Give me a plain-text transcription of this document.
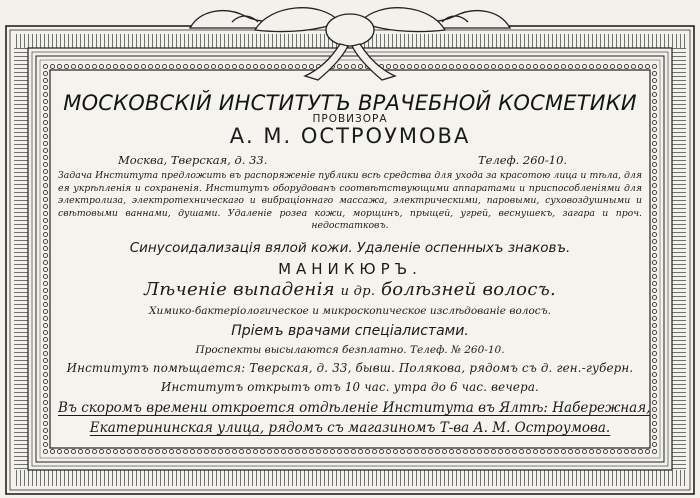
МОСКОВСКІЙ ИНСТИТУТЪ ВРАЧЕБНОЙ КОСМЕТИКИ
ПРОВИЗОРА
А. М. ОСТРОУМОВА
Москва, Тверская, д. 33.	Телеф. 260-10.
Задача Института предложить въ распоряженіе публики всѣ средства для ухода за красотою лица и тѣла, для ея укрѣпленія и сохраненія. Институтъ оборудованъ соотвѣтствующими аппаратами и приспособленіями для электролиза, электротехническаго и вибраціоннаго массажа, электрическими, паровыми, суховоздушными и свѣтовыми ваннами, душами. Удаленіе розеа кожи, морщинъ, прыщей, угрей, веснушекъ, загара и проч. недостатковъ.
Синусоидализація вялой кожи. Удаленіе оспенныхъ знаковъ.
МАНИКЮРЪ.
Лѣченіе выпаденія и др. болѣзней волосъ.
Химико-бактеріологическое и микроскопическое изслѣдованіе волосъ.
Пріемъ врачами спеціалистами.
Проспекты высылаются безплатно. Телеф. № 260-10.
Институтъ помѣщается: Тверская, д. 33, бывш. Полякова, рядомъ съ д. ген.-губерн.
Институтъ открытъ отъ 10 час. утра до 6 час. вечера.
Въ скоромъ времени откроется отдѣленіе Института въ Ялтѣ: Набережная,
Екатерининская улица, рядомъ съ магазиномъ Т-ва А. М. Остроумова.
